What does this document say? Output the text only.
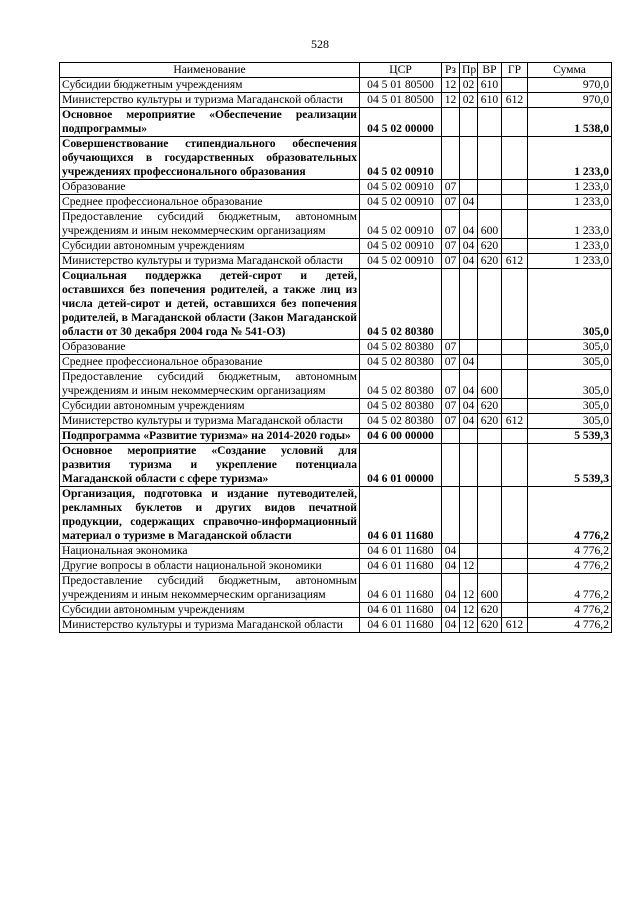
528
Наименование	ЦСР	Рз	Пр	ВР	ГР	Сумма
Субсидии бюджетным учреждениям	04 5 01 80500	12	02	610		970,0
Министерство культуры и туризма Магаданской области	04 5 01 80500	12	02	610	612	970,0
Основное мероприятие «Обеспечение реализации подпрограммы»	04 5 02 00000					1 538,0
Совершенствование стипендиального обеспечения обучающихся в государственных образовательных учреждениях профессионального образования	04 5 02 00910					1 233,0
Образование	04 5 02 00910	07				1 233,0
Среднее профессиональное образование	04 5 02 00910	07	04			1 233,0
Предоставление субсидий бюджетным, автономным учреждениям и иным некоммерческим организациям	04 5 02 00910	07	04	600		1 233,0
Субсидии автономным учреждениям	04 5 02 00910	07	04	620		1 233,0
Министерство культуры и туризма Магаданской области	04 5 02 00910	07	04	620	612	1 233,0
Социальная поддержка детей-сирот и детей, оставшихся без попечения родителей, а также лиц из числа детей-сирот и детей, оставшихся без попечения родителей, в Магаданской области (Закон Магаданской области от 30 декабря 2004 года № 541-ОЗ)	04 5 02 80380					305,0
Образование	04 5 02 80380	07				305,0
Среднее профессиональное образование	04 5 02 80380	07	04			305,0
Предоставление субсидий бюджетным, автономным учреждениям и иным некоммерческим организациям	04 5 02 80380	07	04	600		305,0
Субсидии автономным учреждениям	04 5 02 80380	07	04	620		305,0
Министерство культуры и туризма Магаданской области	04 5 02 80380	07	04	620	612	305,0
Подпрограмма «Развитие туризма» на 2014-2020 годы»	04 6 00 00000					5 539,3
Основное мероприятие «Создание условий для развития туризма и укрепление потенциала Магаданской области с сфере туризма»	04 6 01 00000					5 539,3
Организация, подготовка и издание путеводителей, рекламных буклетов и других видов печатной продукции, содержащих справочно-информационный материал о туризме в Магаданской области	04 6 01 11680					4 776,2
Национальная экономика	04 6 01 11680	04				4 776,2
Другие вопросы в области национальной экономики	04 6 01 11680	04	12			4 776,2
Предоставление субсидий бюджетным, автономным учреждениям и иным некоммерческим организациям	04 6 01 11680	04	12	600		4 776,2
Субсидии автономным учреждениям	04 6 01 11680	04	12	620		4 776,2
Министерство культуры и туризма Магаданской области	04 6 01 11680	04	12	620	612	4 776,2
